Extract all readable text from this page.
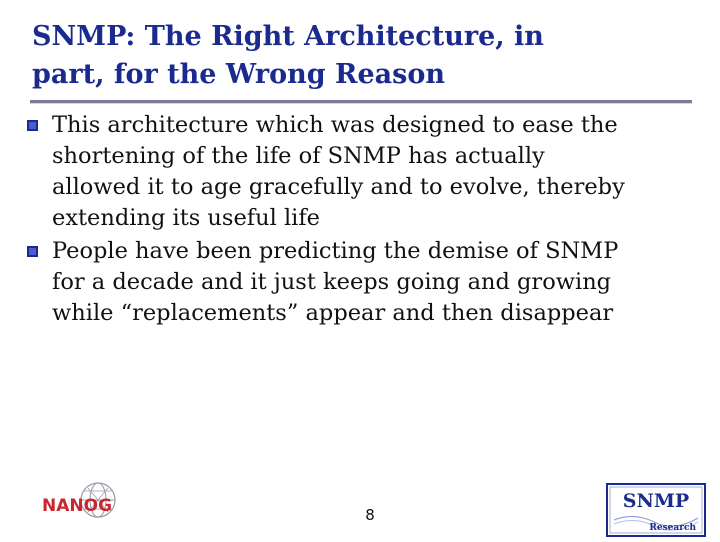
SNMP: The Right Architecture, in
part, for the Wrong Reason
This architecture which was designed to ease the
shortening of the life of SNMP has actually
allowed it to age gracefully and to evolve, thereby
extending its useful life
People have been predicting the demise of SNMP
for a decade and it just keeps going and growing
while “replacements” appear and then disappear
NANOG	8
SNMP
Research
